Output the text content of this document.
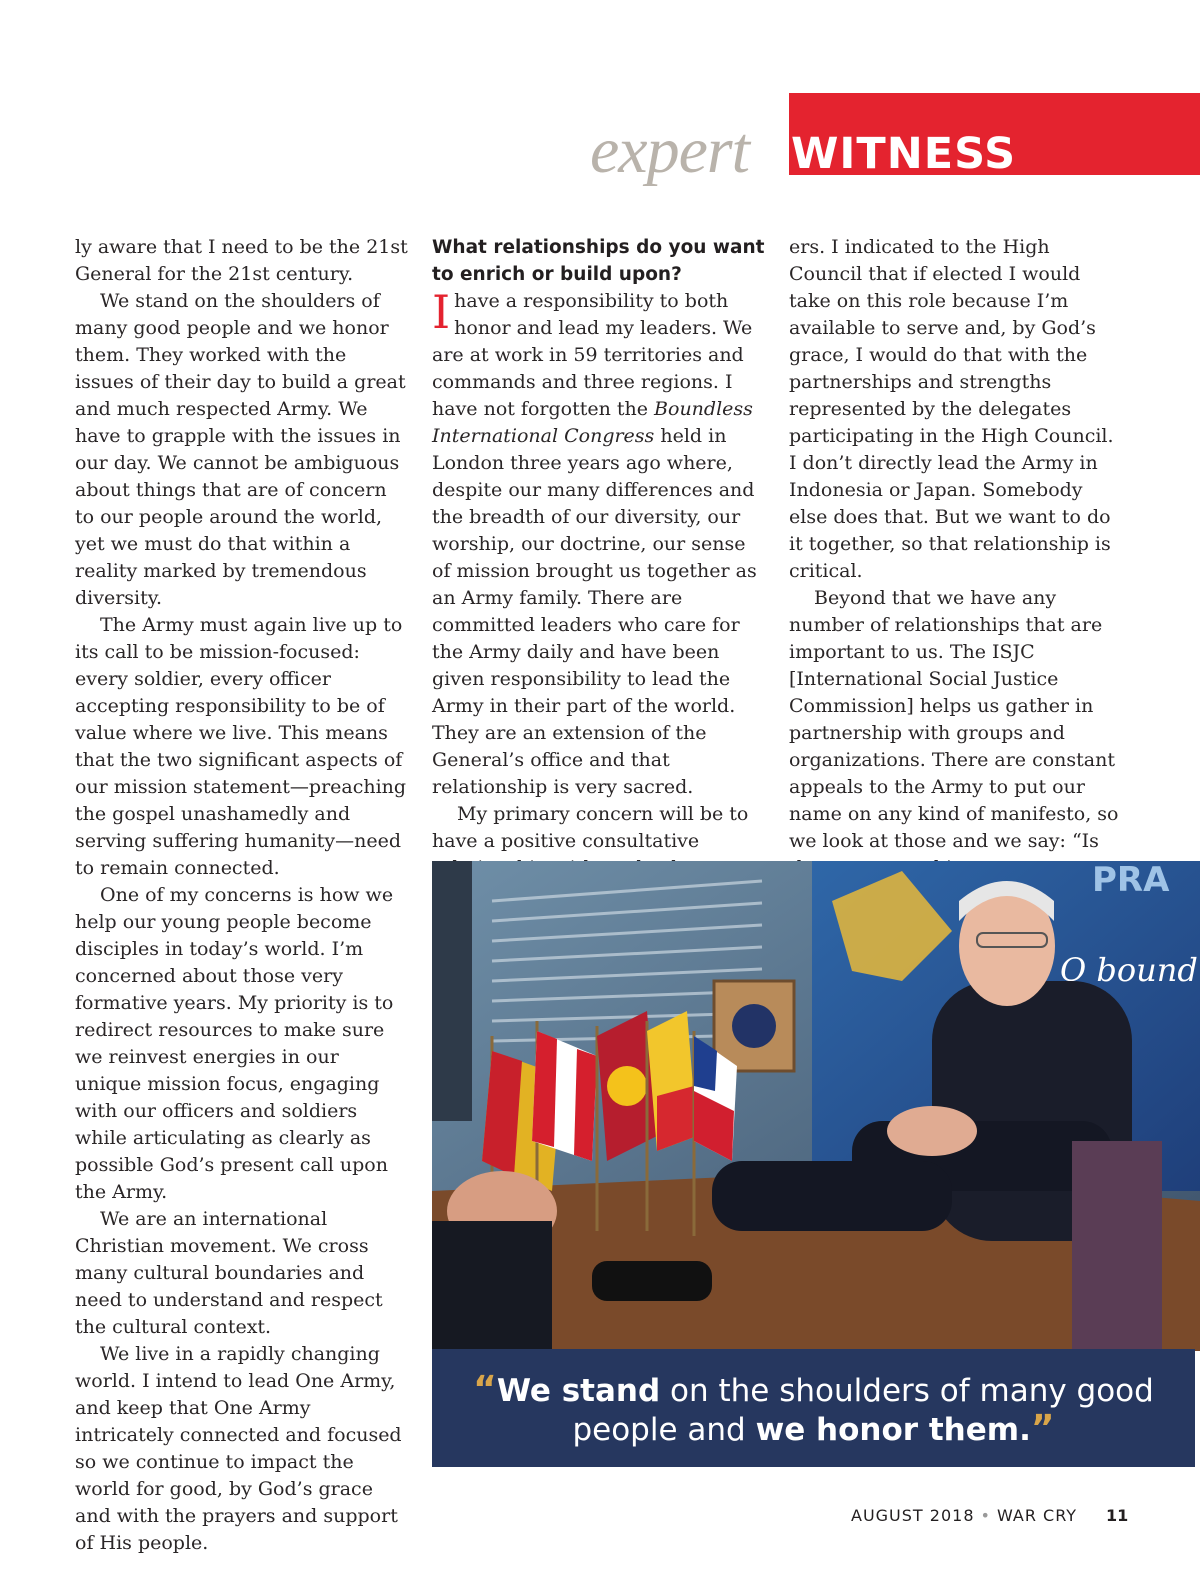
expert WITNESS

ly aware that I need to be the 21st General for the 21st century.

We stand on the shoulders of many good people and we honor them. They worked with the issues of their day to build a great and much respected Army. We have to grapple with the issues in our day. We cannot be ambiguous about things that are of concern to our people around the world, yet we must do that within a reality marked by tremendous diversity.

The Army must again live up to its call to be mission-focused: every soldier, every officer accepting responsibility to be of value where we live. This means that the two significant aspects of our mission statement—preaching the gospel unashamedly and serving suffering humanity—need to remain connected.

One of my concerns is how we help our young people become disciples in today’s world. I’m concerned about those very formative years. My priority is to redirect resources to make sure we reinvest energies in our unique mission focus, engaging with our officers and soldiers while articulating as clearly as possible God’s present call upon the Army.

We are an international Christian movement. We cross many cultural boundaries and need to understand and respect the cultural context.

We live in a rapidly changing world. I intend to lead One Army, and keep that One Army intricately connected and focused so we continue to impact the world for good, by God’s grace and with the prayers and support of His people.

What relationships do you want to enrich or build upon?

I have a responsibility to both honor and lead my leaders. We are at work in 59 territories and commands and three regions. I have not forgotten the Boundless International Congress held in London three years ago where, despite our many differences and the breadth of our diversity, our worship, our doctrine, our sense of mission brought us together as an Army family. There are committed leaders who care for the Army daily and have been given responsibility to lead the Army in their part of the world. They are an extension of the General’s office and that relationship is very sacred.

My primary concern will be to have a positive consultative

ers. I indicated to the High Council that if elected I would take on this role because I’m available to serve and, by God’s grace, I would do that with the partnerships and strengths represented by the delegates participating in the High Council. I don’t directly lead the Army in Indonesia or Japan. Somebody else does that. But we want to do it together, so that relationship is critical.

Beyond that we have any number of relationships that are important to us. The ISJC [International Social Justice Commission] helps us gather in partnership with groups and organizations. There are constant appeals to the Army to put our name on any kind of manifesto, so we look at those and we say: “Is

PRA
O bound
“We stand on the shoulders of many good people and we honor them.”
AUGUST 2018 • WAR CRY 11
